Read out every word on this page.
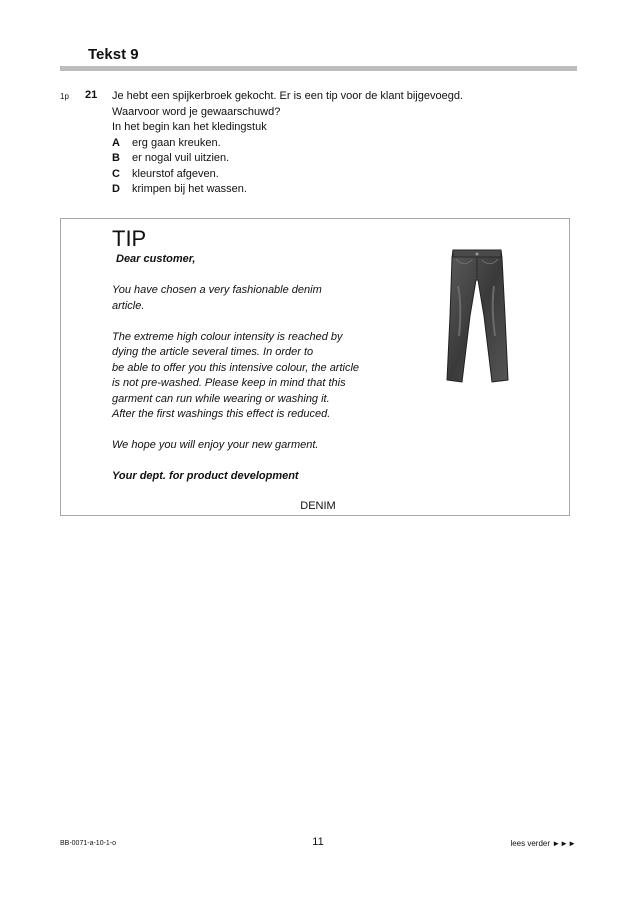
Tekst 9
1p 21 Je hebt een spijkerbroek gekocht. Er is een tip voor de klant bijgevoegd.
Waarvoor word je gewaarschuwd?
In het begin kan het kledingstuk
A	erg gaan kreuken.
B	er nogal vuil uitzien.
C	kleurstof afgeven.
D	krimpen bij het wassen.
TIP
Dear customer,
You have chosen a very fashionable denim
article.
The extreme high colour intensity is reached by
dying the article several times. In order to
be able to offer you this intensive colour, the article
is not pre-washed. Please keep in mind that this
garment can run while wearing or washing it.
After the first washings this effect is reduced.
We hope you will enjoy your new garment.
Your dept. for product development
DENIM
BB-0071-a-10-1-o	11	lees verder ►►►
